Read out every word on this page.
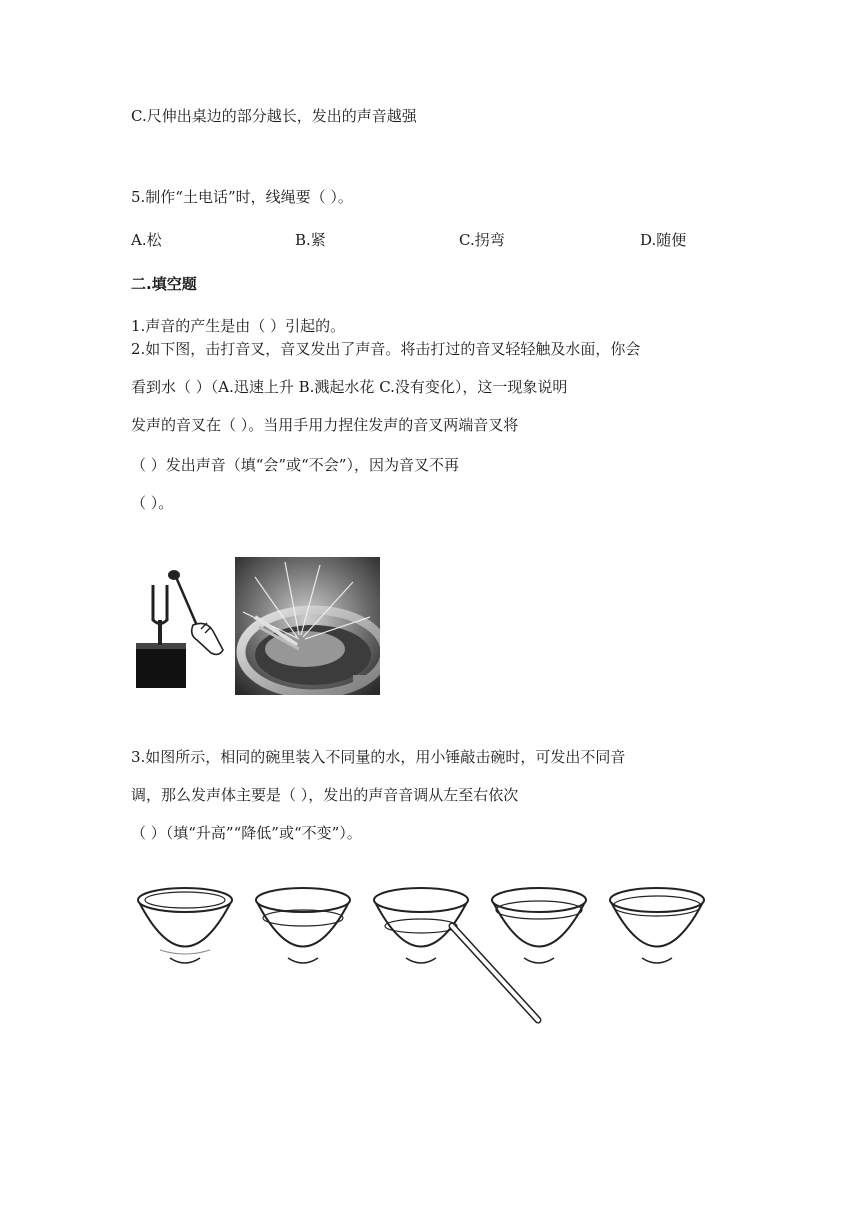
C.尺伸出桌边的部分越长，发出的声音越强
5.制作“土电话”时，线绳要（ ）。
A.松	B.紧	C.拐弯	D.随便
二.填空题
1.声音的产生是由（ ）引起的。
2.如下图，击打音叉，音叉发出了声音。将击打过的音叉轻轻触及水面，你会
看到水（ ）（A.迅速上升 B.溅起水花 C.没有变化），这一现象说明
发声的音叉在（ ）。当用手用力捏住发声的音叉两端音叉将
（ ）发出声音（填“会”或“不会”），因为音叉不再
（ ）。
3.如图所示，相同的碗里装入不同量的水，用小锤敲击碗时，可发出不同音
调，那么发声体主要是（ ），发出的声音音调从左至右依次
（ ）（填“升高”“降低”或“不变”）。
